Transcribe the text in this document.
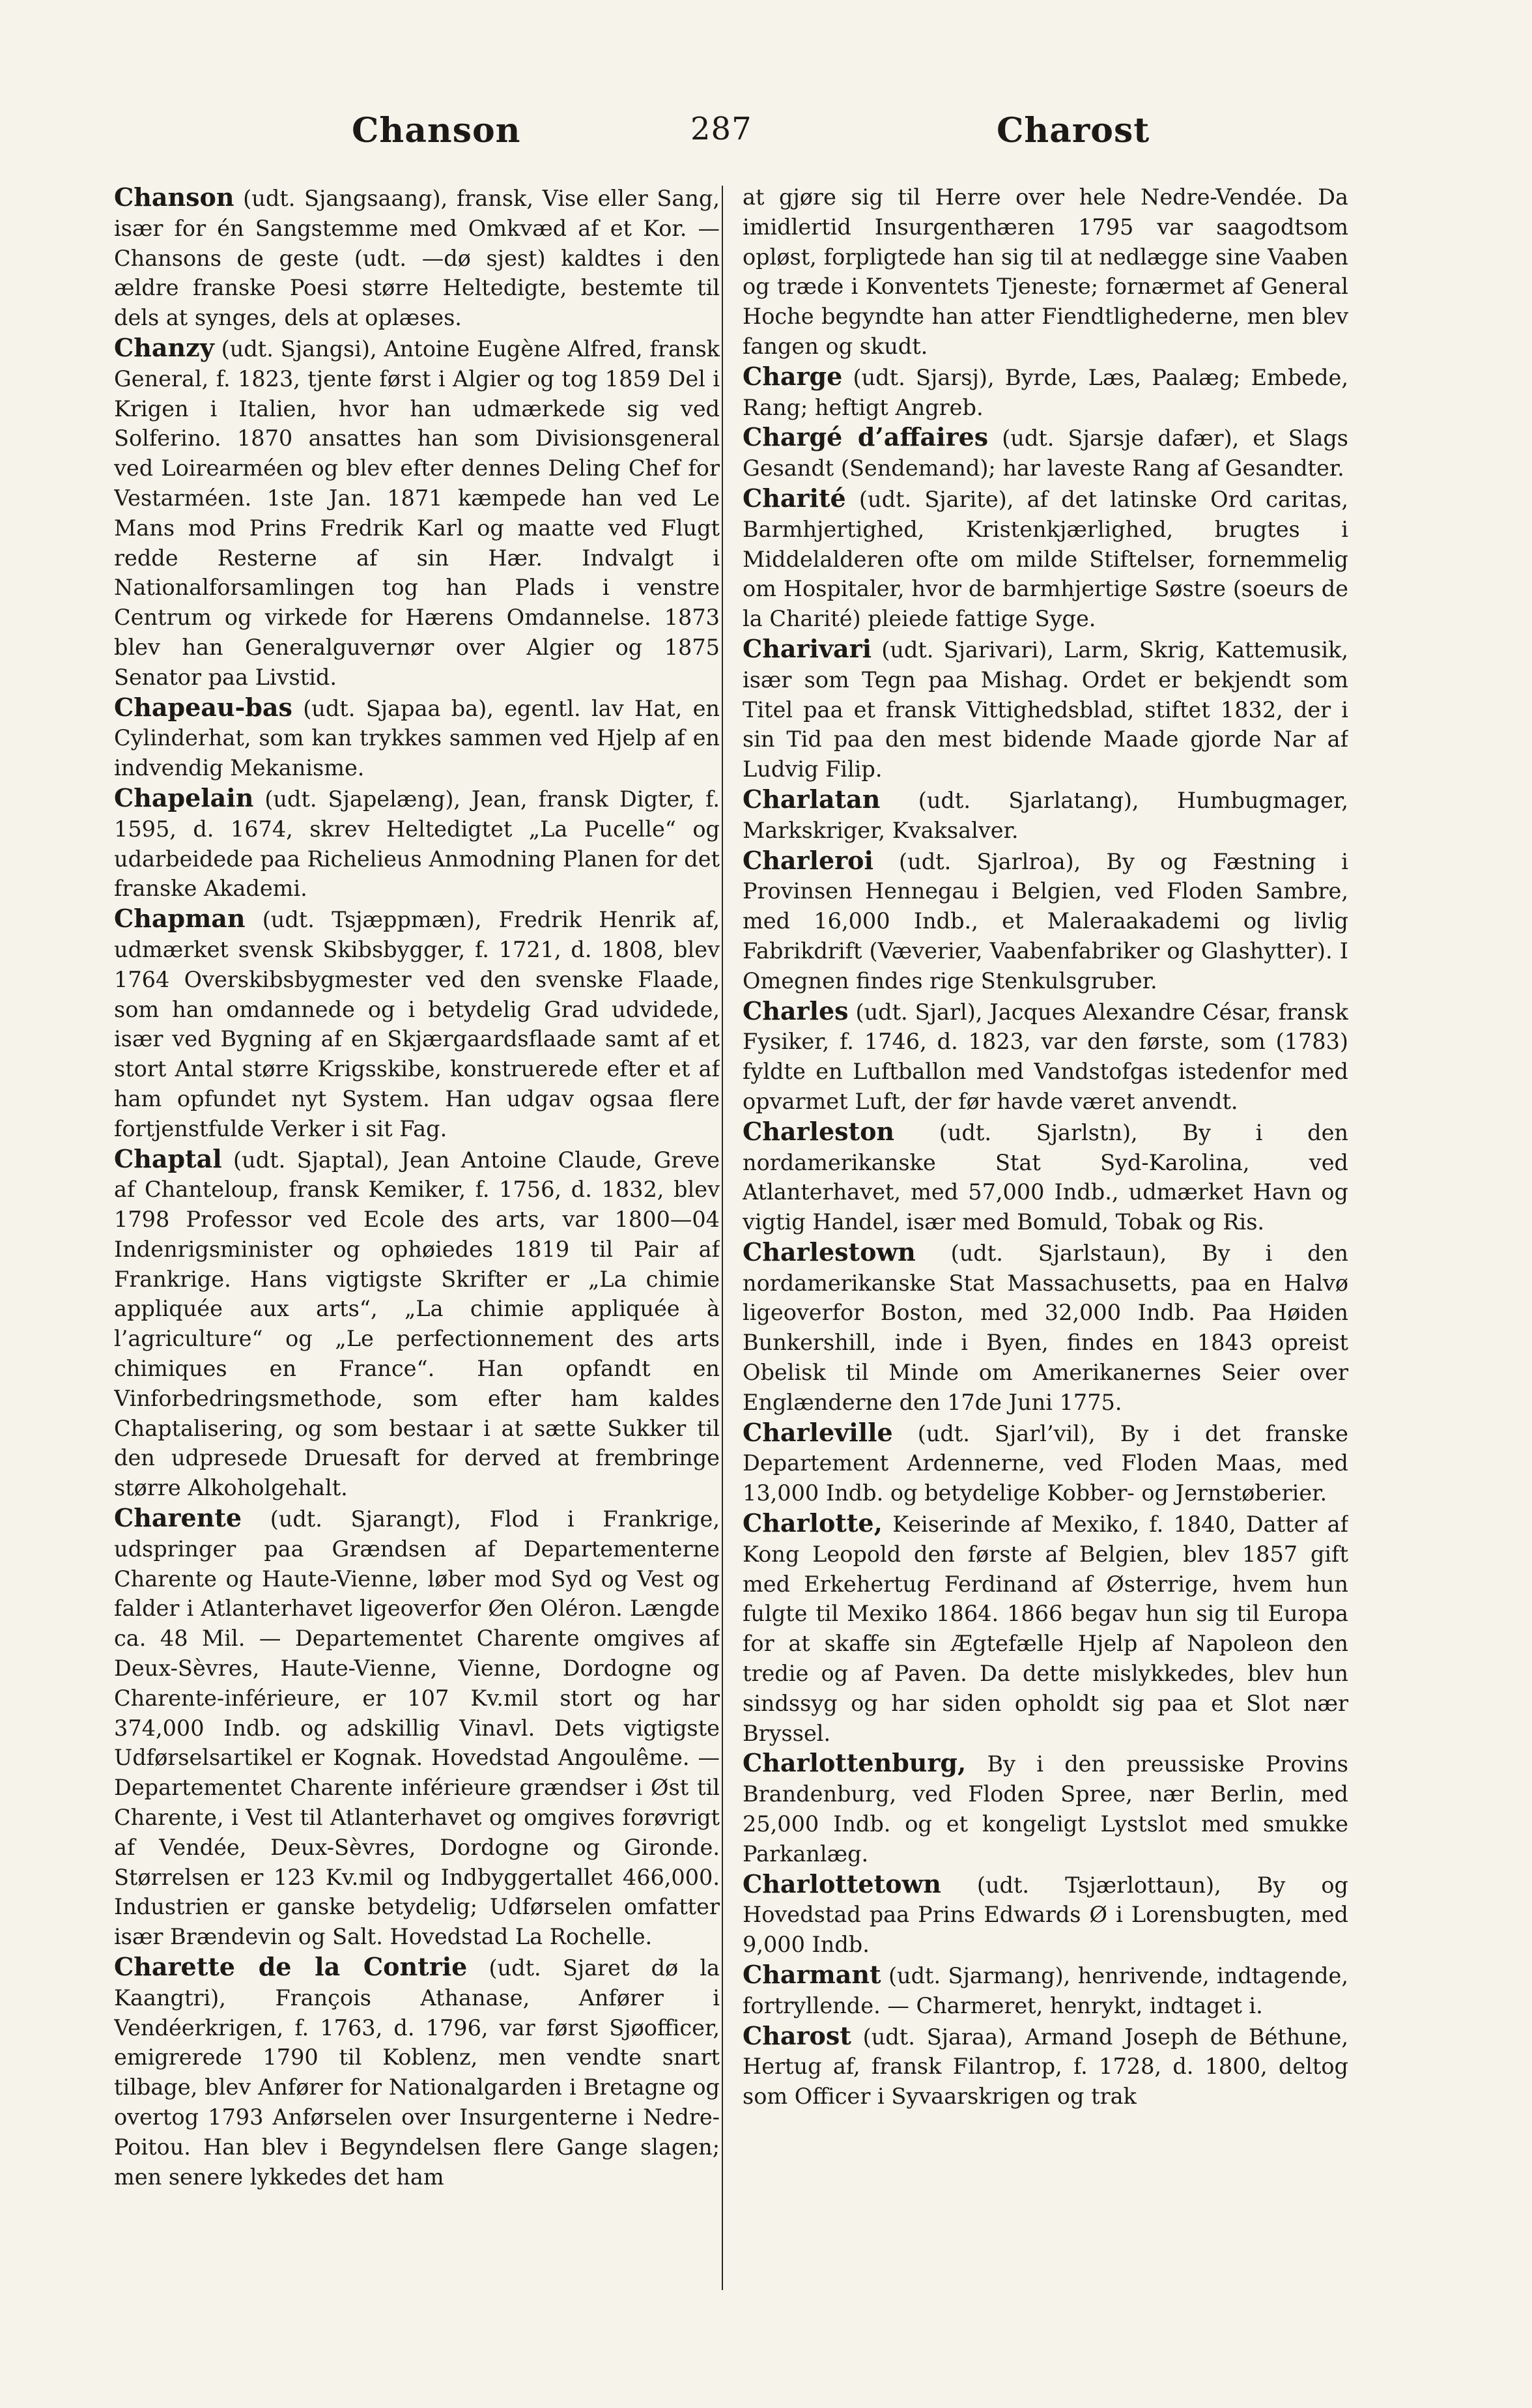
Chanson	287	Charost

Chanson (udt. Sjangsaang), fransk, Vise eller Sang, især for én Sangstemme med Omkvæd af et Kor. — Chansons de geste (udt. —dø sjest) kaldtes i den ældre franske Poesi større Heltedigte, bestemte til dels at synges, dels at oplæses.

Chanzy (udt. Sjangsi), Antoine Eugène Alfred, fransk General, f. 1823, tjente først i Algier og tog 1859 Del i Krigen i Italien, hvor han udmærkede sig ved Solferino. 1870 ansattes han som Divisionsgeneral ved Loirearméen og blev efter dennes Deling Chef for Vestarméen. 1ste Jan. 1871 kæmpede han ved Le Mans mod Prins Fredrik Karl og maatte ved Flugt redde Resterne af sin Hær. Indvalgt i Nationalforsamlingen tog han Plads i venstre Centrum og virkede for Hærens Omdannelse. 1873 blev han Generalguvernør over Algier og 1875 Senator paa Livstid.

Chapeau-bas (udt. Sjapaa ba), egentl. lav Hat, en Cylinderhat, som kan trykkes sammen ved Hjelp af en indvendig Mekanisme.

Chapelain (udt. Sjapelæng), Jean, fransk Digter, f. 1595, d. 1674, skrev Heltedigtet „La Pucelle“ og udarbeidede paa Richelieus Anmodning Planen for det franske Akademi.

Chapman (udt. Tsjæppmæn), Fredrik Henrik af, udmærket svensk Skibsbygger, f. 1721, d. 1808, blev 1764 Overskibsbygmester ved den svenske Flaade, som han omdannede og i betydelig Grad udvidede, især ved Bygning af en Skjærgaardsflaade samt af et stort Antal større Krigsskibe, konstruerede efter et af ham opfundet nyt System. Han udgav ogsaa flere fortjenstfulde Verker i sit Fag.

Chaptal (udt. Sjaptal), Jean Antoine Claude, Greve af Chanteloup, fransk Kemiker, f. 1756, d. 1832, blev 1798 Professor ved Ecole des arts, var 1800—04 Indenrigsminister og ophøiedes 1819 til Pair af Frankrige. Hans vigtigste Skrifter er „La chimie appliquée aux arts“, „La chimie appliquée à l’agriculture“ og „Le perfectionnement des arts chimiques en France“. Han opfandt en Vinforbedringsmethode, som efter ham kaldes Chaptalisering, og som bestaar i at sætte Sukker til den udpresede Druesaft for derved at frembringe større Alkoholgehalt.

Charente (udt. Sjarangt), Flod i Frankrige, udspringer paa Grændsen af Departementerne Charente og Haute-Vienne, løber mod Syd og Vest og falder i Atlanterhavet ligeoverfor Øen Oléron. Længde ca. 48 Mil. — Departementet Charente omgives af Deux-Sèvres, Haute-Vienne, Vienne, Dordogne og Charente-inférieure, er 107 Kv.mil stort og har 374,000 Indb. og adskillig Vinavl. Dets vigtigste Udførselsartikel er Kognak. Hovedstad Angoulême. — Departementet Charente inférieure grændser i Øst til Charente, i Vest til Atlanterhavet og omgives forøvrigt af Vendée, Deux-Sèvres, Dordogne og Gironde. Størrelsen er 123 Kv.mil og Indbyggertallet 466,000. Industrien er ganske betydelig; Udførselen omfatter især Brændevin og Salt. Hovedstad La Rochelle.

Charette de la Contrie (udt. Sjaret dø la Kaangtri), François Athanase, Anfører i Vendéerkrigen, f. 1763, d. 1796, var først Sjøofficer, emigrerede 1790 til Koblenz, men vendte snart tilbage, blev Anfører for Nationalgarden i Bretagne og overtog 1793 Anførselen over Insurgenterne i Nedre-Poitou. Han blev i Begyndelsen flere Gange slagen; men senere lykkedes det ham

at gjøre sig til Herre over hele Nedre-Vendée. Da imidlertid Insurgenthæren 1795 var saagodtsom opløst, forpligtede han sig til at nedlægge sine Vaaben og træde i Konventets Tjeneste; fornærmet af General Hoche begyndte han atter Fiendtlighederne, men blev fangen og skudt.

Charge (udt. Sjarsj), Byrde, Læs, Paalæg; Embede, Rang; heftigt Angreb.

Chargé d’affaires (udt. Sjarsje dafær), et Slags Gesandt (Sendemand); har laveste Rang af Gesandter.

Charité (udt. Sjarite), af det latinske Ord caritas, Barmhjertighed, Kristenkjærlighed, brugtes i Middelalderen ofte om milde Stiftelser, fornemmelig om Hospitaler, hvor de barmhjertige Søstre (soeurs de la Charité) pleiede fattige Syge.

Charivari (udt. Sjarivari), Larm, Skrig, Kattemusik, især som Tegn paa Mishag. Ordet er bekjendt som Titel paa et fransk Vittighedsblad, stiftet 1832, der i sin Tid paa den mest bidende Maade gjorde Nar af Ludvig Filip.

Charlatan (udt. Sjarlatang), Humbugmager, Markskriger, Kvaksalver.

Charleroi (udt. Sjarlroa), By og Fæstning i Provinsen Hennegau i Belgien, ved Floden Sambre, med 16,000 Indb., et Maleraakademi og livlig Fabrikdrift (Væverier, Vaabenfabriker og Glashytter). I Omegnen findes rige Stenkulsgruber.

Charles (udt. Sjarl), Jacques Alexandre César, fransk Fysiker, f. 1746, d. 1823, var den første, som (1783) fyldte en Luftballon med Vandstofgas istedenfor med opvarmet Luft, der før havde været anvendt.

Charleston (udt. Sjarlstn), By i den nordamerikanske Stat Syd-Karolina, ved Atlanterhavet, med 57,000 Indb., udmærket Havn og vigtig Handel, især med Bomuld, Tobak og Ris.

Charlestown (udt. Sjarlstaun), By i den nordamerikanske Stat Massachusetts, paa en Halvø ligeoverfor Boston, med 32,000 Indb. Paa Høiden Bunkershill, inde i Byen, findes en 1843 opreist Obelisk til Minde om Amerikanernes Seier over Englænderne den 17de Juni 1775.

Charleville (udt. Sjarl’vil), By i det franske Departement Ardennerne, ved Floden Maas, med 13,000 Indb. og betydelige Kobber- og Jernstøberier.

Charlotte, Keiserinde af Mexiko, f. 1840, Datter af Kong Leopold den første af Belgien, blev 1857 gift med Erkehertug Ferdinand af Østerrige, hvem hun fulgte til Mexiko 1864. 1866 begav hun sig til Europa for at skaffe sin Ægtefælle Hjelp af Napoleon den tredie og af Paven. Da dette mislykkedes, blev hun sindssyg og har siden opholdt sig paa et Slot nær Bryssel.

Charlottenburg, By i den preussiske Provins Brandenburg, ved Floden Spree, nær Berlin, med 25,000 Indb. og et kongeligt Lystslot med smukke Parkanlæg.

Charlottetown (udt. Tsjærlottaun), By og Hovedstad paa Prins Edwards Ø i Lorensbugten, med 9,000 Indb.

Charmant (udt. Sjarmang), henrivende, indtagende, fortryllende. — Charmeret, henrykt, indtaget i.

Charost (udt. Sjaraa), Armand Joseph de Béthune, Hertug af, fransk Filantrop, f. 1728, d. 1800, deltog som Officer i Syvaarskrigen og trak
